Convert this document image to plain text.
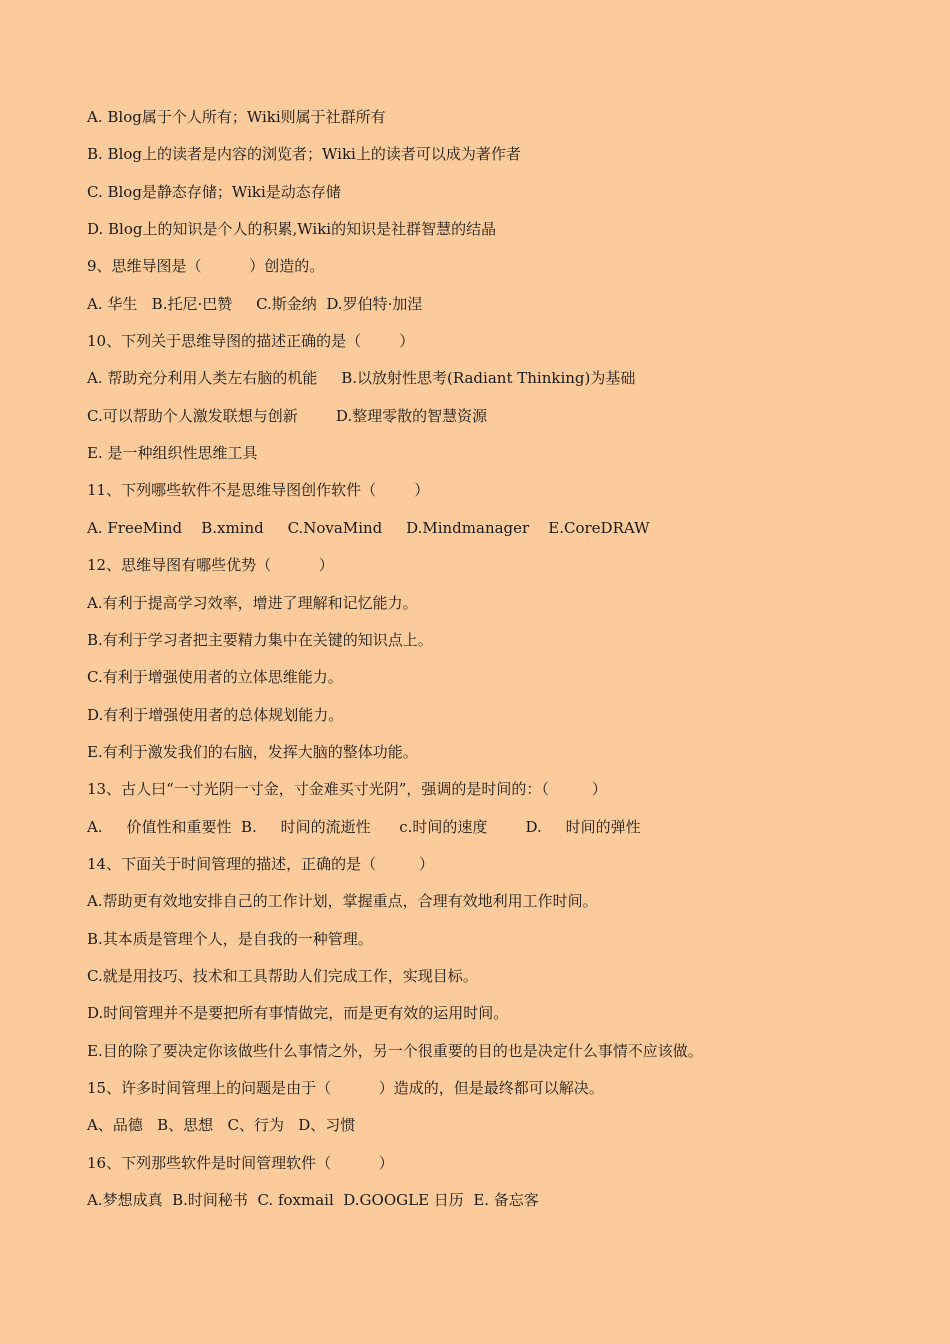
A. Blog属于个人所有；Wiki则属于社群所有
B. Blog上的读者是内容的浏览者；Wiki上的读者可以成为著作者
C. Blog是静态存储；Wiki是动态存储
D. Blog上的知识是个人的积累,Wiki的知识是社群智慧的结晶
9、思维导图是（          ）创造的。
A. 华生   B.托尼·巴赞     C.斯金纳  D.罗伯特·加涅
10、下列关于思维导图的描述正确的是（        ）
A. 帮助充分利用人类左右脑的机能     B.以放射性思考(Radiant Thinking)为基础
C.可以帮助个人激发联想与创新        D.整理零散的智慧资源
E. 是一种组织性思维工具
11、下列哪些软件不是思维导图创作软件（        ）
A. FreeMind    B.xmind     C.NovaMind     D.Mindmanager    E.CoreDRAW
12、思维导图有哪些优势（          ）
A.有利于提高学习效率，增进了理解和记忆能力。
B.有利于学习者把主要精力集中在关键的知识点上。
C.有利于增强使用者的立体思维能力。
D.有利于增强使用者的总体规划能力。
E.有利于激发我们的右脑，发挥大脑的整体功能。
13、古人曰“一寸光阴一寸金，寸金难买寸光阴”，强调的是时间的：（         ）
A.     价值性和重要性  B.     时间的流逝性      c.时间的速度        D.     时间的弹性
14、下面关于时间管理的描述，正确的是（         ）
A.帮助更有效地安排自己的工作计划，掌握重点，合理有效地利用工作时间。
B.其本质是管理个人，是自我的一种管理。
C.就是用技巧、技术和工具帮助人们完成工作，实现目标。
D.时间管理并不是要把所有事情做完，而是更有效的运用时间。
E.目的除了要决定你该做些什么事情之外，另一个很重要的目的也是决定什么事情不应该做。
15、许多时间管理上的问题是由于（          ）造成的，但是最终都可以解决。
A、品德   B、思想   C、行为   D、习惯
16、下列那些软件是时间管理软件（          ）
A.梦想成真  B.时间秘书  C. foxmail  D.GOOGLE 日历  E. 备忘客
